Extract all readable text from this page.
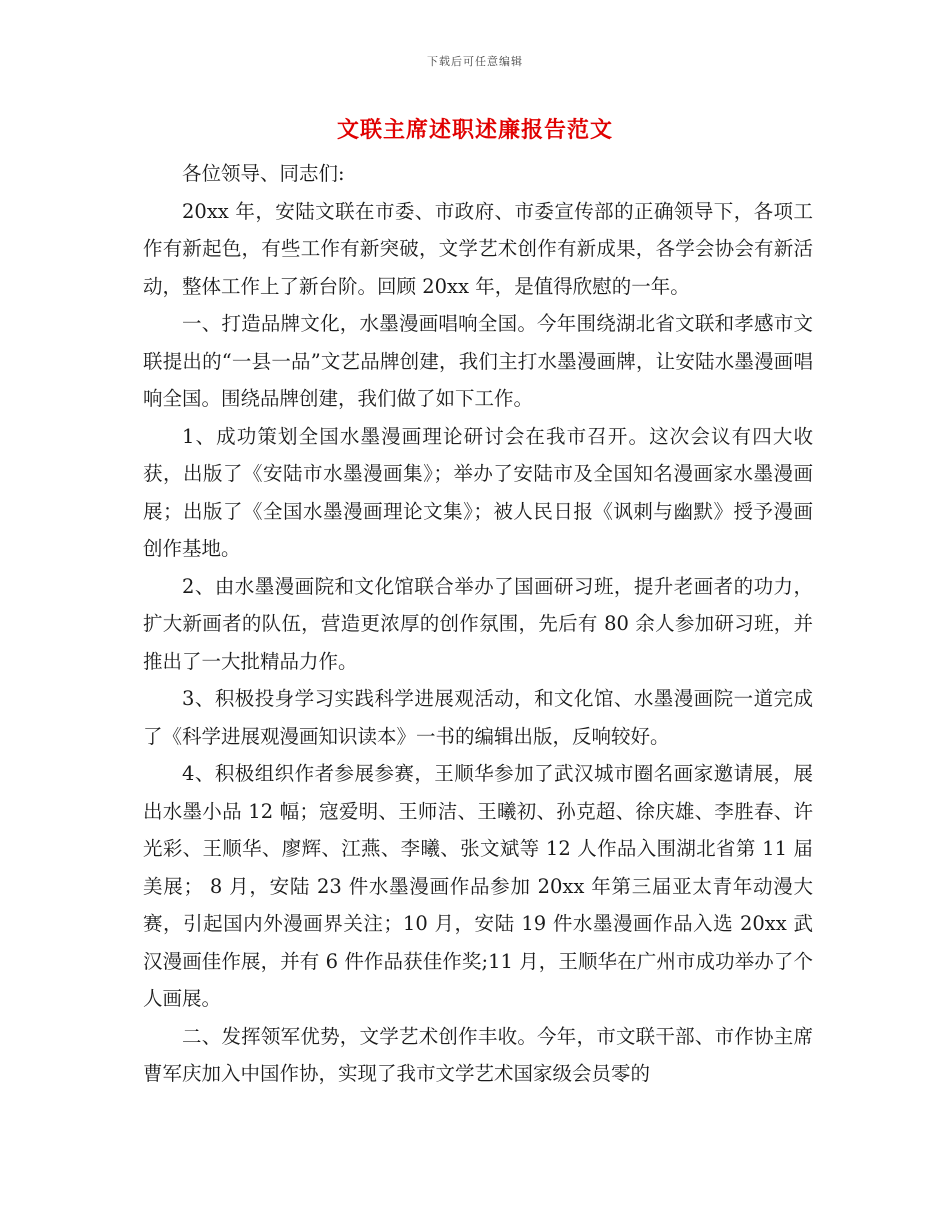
下载后可任意编辑
文联主席述职述廉报告范文

各位领导、同志们:

20xx 年，安陆文联在市委、市政府、市委宣传部的正确领导下，各项工作有新起色，有些工作有新突破，文学艺术创作有新成果，各学会协会有新活动，整体工作上了新台阶。回顾 20xx 年，是值得欣慰的一年。

一、打造品牌文化，水墨漫画唱响全国。今年围绕湖北省文联和孝感市文联提出的“一县一品”文艺品牌创建，我们主打水墨漫画牌，让安陆水墨漫画唱响全国。围绕品牌创建，我们做了如下工作。

1、成功策划全国水墨漫画理论研讨会在我市召开。这次会议有四大收获，出版了《安陆市水墨漫画集》；举办了安陆市及全国知名漫画家水墨漫画展；出版了《全国水墨漫画理论文集》；被人民日报《讽刺与幽默》授予漫画创作基地。

2、由水墨漫画院和文化馆联合举办了国画研习班，提升老画者的功力，扩大新画者的队伍，营造更浓厚的创作氛围，先后有 80 余人参加研习班，并推出了一大批精品力作。

3、积极投身学习实践科学进展观活动，和文化馆、水墨漫画院一道完成了《科学进展观漫画知识读本》一书的编辑出版，反响较好。

4、积极组织作者参展参赛，王顺华参加了武汉城市圈名画家邀请展，展出水墨小品 12 幅；寇爱明、王师洁、王曦初、孙克超、徐庆雄、李胜春、许光彩、王顺华、廖辉、江燕、李曦、张文斌等 12 人作品入围湖北省第 11 届美展； 8 月，安陆 23 件水墨漫画作品参加 20xx 年第三届亚太青年动漫大赛，引起国内外漫画界关注；10 月，安陆 19 件水墨漫画作品入选 20xx 武汉漫画佳作展，并有 6 件作品获佳作奖;11 月，王顺华在广州市成功举办了个人画展。

二、发挥领军优势，文学艺术创作丰收。今年，市文联干部、市作协主席曹军庆加入中国作协，实现了我市文学艺术国家级会员零的
